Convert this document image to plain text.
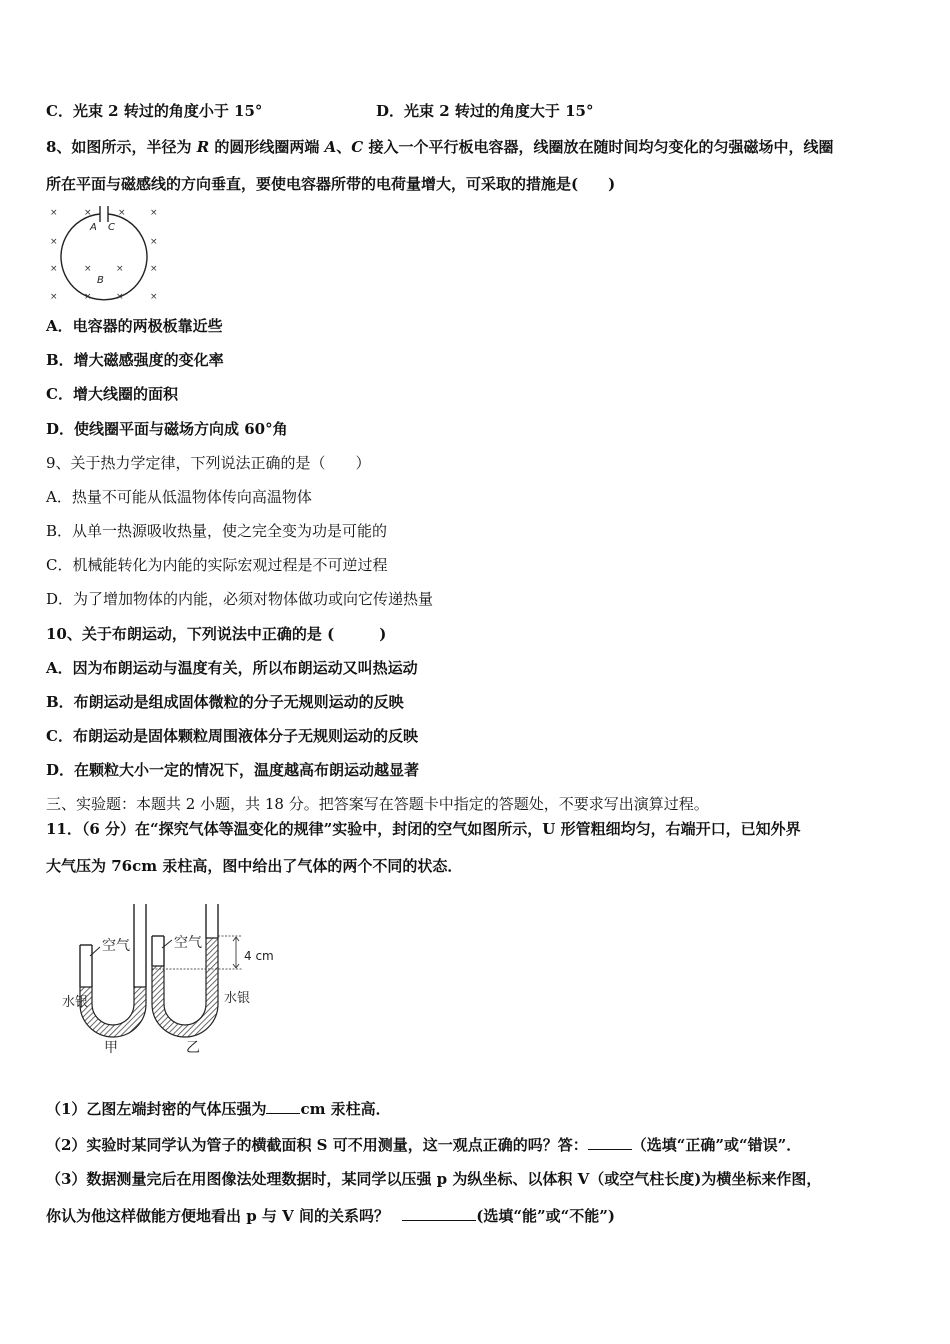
C．光束 2 转过的角度小于 15°	D．光束 2 转过的角度大于 15°
8、如图所示，半径为 R 的圆形线圈两端 A、C 接入一个平行板电容器，线圈放在随时间均匀变化的匀强磁场中，线圈
所在平面与磁感线的方向垂直，要使电容器所带的电荷量增大，可采取的措施是(　　)
×	×	×	×
×	×
×	×	×	×
×	×	×	×
A C
B
A．电容器的两极板靠近些
B．增大磁感强度的变化率
C．增大线圈的面积
D．使线圈平面与磁场方向成 60°角
9、关于热力学定律，下列说法正确的是（　　）
A．热量不可能从低温物体传向高温物体
B．从单一热源吸收热量，使之完全变为功是可能的
C．机械能转化为内能的实际宏观过程是不可逆过程
D．为了增加物体的内能，必须对物体做功或向它传递热量
10、关于布朗运动，下列说法中正确的是 (　　　)
A．因为布朗运动与温度有关，所以布朗运动又叫热运动
B．布朗运动是组成固体微粒的分子无规则运动的反映
C．布朗运动是固体颗粒周围液体分子无规则运动的反映
D．在颗粒大小一定的情况下，温度越高布朗运动越显著
三、实验题：本题共 2 小题，共 18 分。把答案写在答题卡中指定的答题处，不要求写出演算过程。
11．（6 分）在“探究气体等温变化的规律”实验中，封闭的空气如图所示，U 形管粗细均匀，右端开口，已知外界
大气压为 76cm 汞柱高，图中给出了气体的两个不同的状态．
空气
水银
甲
空气
4 cm
水银
乙
（1）乙图左端封密的气体压强为 cm 汞柱高．
（2）实验时某同学认为管子的横截面积 S 可不用测量，这一观点正确的吗？答：	（选填“正确”或“错误”．
（3）数据测量完后在用图像法处理数据时，某同学以压强 p 为纵坐标、以体积 V（或空气柱长度)为横坐标来作图，
你认为他这样做能方便地看出 p 与 V 间的关系吗？	(选填“能”或“不能”)
